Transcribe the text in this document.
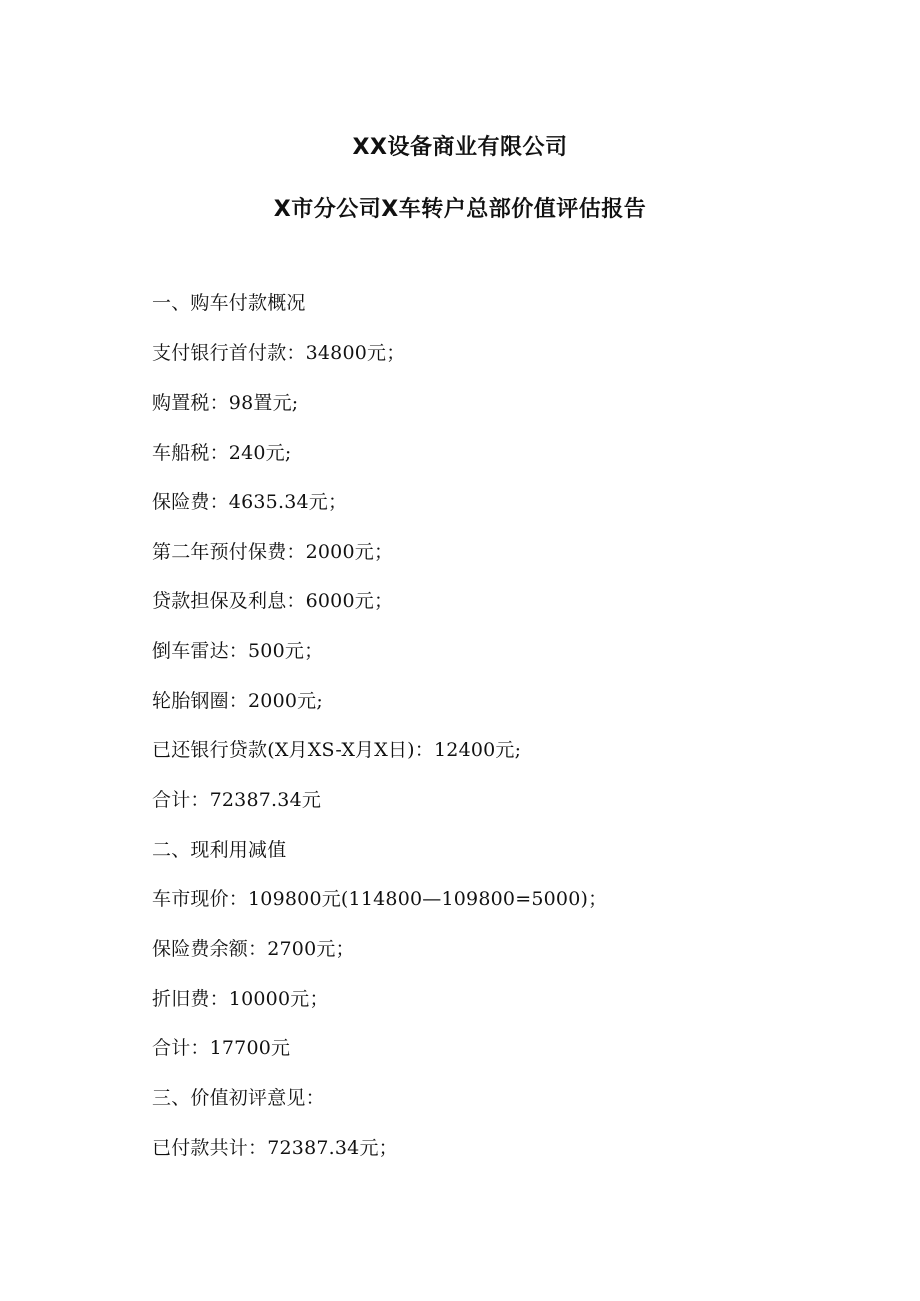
XX设备商业有限公司
X市分公司X车转户总部价值评估报告
一、购车付款概况
支付银行首付款：34800元；
购置税：98置元;
车船税：240元;
保险费：4635.34元；
第二年预付保费：2000元；
贷款担保及利息：6000元；
倒车雷达：500元；
轮胎钢圈：2000元;
已还银行贷款(X月XS-X月X日)：12400元;
合计：72387.34元
二、现利用减值
车市现价：109800元(114800—109800=5000)；
保险费余额：2700元；
折旧费：10000元；
合计：17700元
三、价值初评意见：
已付款共计：72387.34元；
